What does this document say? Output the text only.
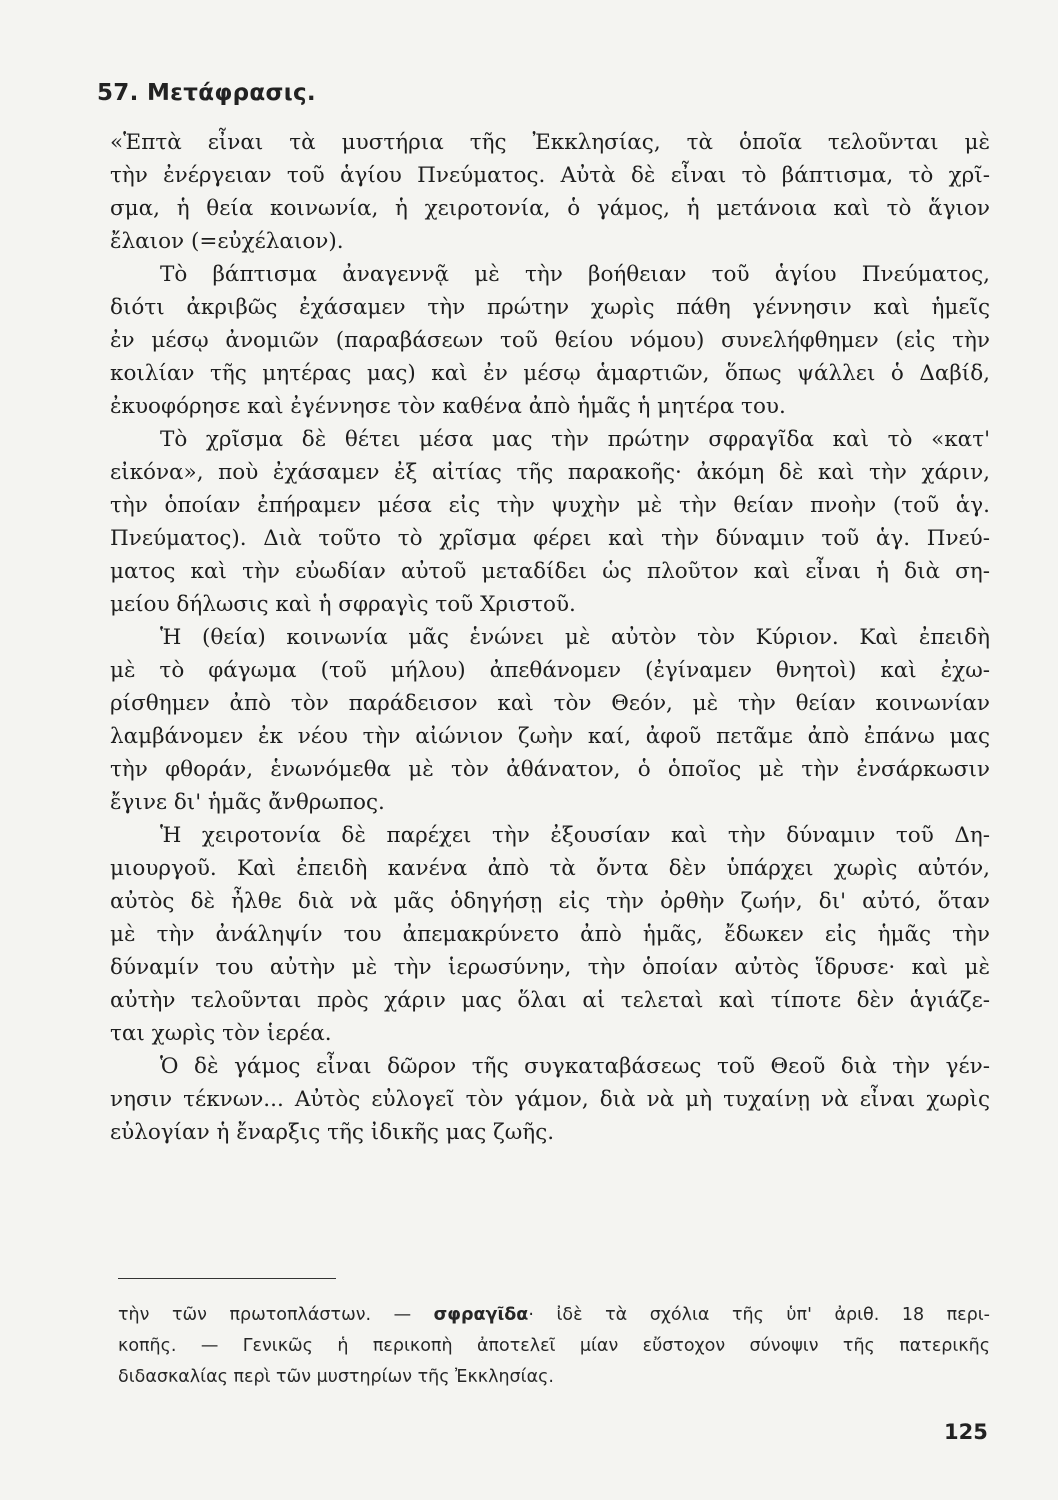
57. Μετάφρασις.
«Ἑπτὰ εἶναι τὰ μυστήρια τῆς Ἐκκλησίας, τὰ ὁποῖα τελοῦνται μὲ
τὴν ἐνέργειαν τοῦ ἁγίου Πνεύματος. Αὐτὰ δὲ εἶναι τὸ βάπτισμα, τὸ χρῖ-
σμα, ἡ θεία κοινωνία, ἡ χειροτονία, ὁ γάμος, ἡ μετάνοια καὶ τὸ ἅγιον
ἔλαιον (=εὐχέλαιον).
Τὸ βάπτισμα ἀναγεννᾷ μὲ τὴν βοήθειαν τοῦ ἁγίου Πνεύματος,
διότι ἀκριβῶς ἐχάσαμεν τὴν πρώτην χωρὶς πάθη γέννησιν καὶ ἡμεῖς
ἐν μέσῳ ἀνομιῶν (παραβάσεων τοῦ θείου νόμου) συνελήφθημεν (εἰς τὴν
κοιλίαν τῆς μητέρας μας) καὶ ἐν μέσῳ ἁμαρτιῶν, ὅπως ψάλλει ὁ Δαβίδ,
ἐκυοφόρησε καὶ ἐγέννησε τὸν καθένα ἀπὸ ἡμᾶς ἡ μητέρα του.
Τὸ χρῖσμα δὲ θέτει μέσα μας τὴν πρώτην σφραγῖδα καὶ τὸ «κατ'
εἰκόνα», ποὺ ἐχάσαμεν ἐξ αἰτίας τῆς παρακοῆς· ἀκόμη δὲ καὶ τὴν χάριν,
τὴν ὁποίαν ἐπήραμεν μέσα εἰς τὴν ψυχὴν μὲ τὴν θείαν πνοὴν (τοῦ ἁγ.
Πνεύματος). Διὰ τοῦτο τὸ χρῖσμα φέρει καὶ τὴν δύναμιν τοῦ ἁγ. Πνεύ-
ματος καὶ τὴν εὐωδίαν αὐτοῦ μεταδίδει ὡς πλοῦτον καὶ εἶναι ἡ διὰ ση-
μείου δήλωσις καὶ ἡ σφραγὶς τοῦ Χριστοῦ.
Ἡ (θεία) κοινωνία μᾶς ἑνώνει μὲ αὐτὸν τὸν Κύριον. Καὶ ἐπειδὴ
μὲ τὸ φάγωμα (τοῦ μήλου) ἀπεθάνομεν (ἐγίναμεν θνητοὶ) καὶ ἐχω-
ρίσθημεν ἀπὸ τὸν παράδεισον καὶ τὸν Θεόν, μὲ τὴν θείαν κοινωνίαν
λαμβάνομεν ἐκ νέου τὴν αἰώνιον ζωὴν καί, ἀφοῦ πετᾶμε ἀπὸ ἐπάνω μας
τὴν φθοράν, ἑνωνόμεθα μὲ τὸν ἀθάνατον, ὁ ὁποῖος μὲ τὴν ἐνσάρκωσιν
ἔγινε δι' ἡμᾶς ἄνθρωπος.
Ἡ χειροτονία δὲ παρέχει τὴν ἐξουσίαν καὶ τὴν δύναμιν τοῦ Δη-
μιουργοῦ. Καὶ ἐπειδὴ κανένα ἀπὸ τὰ ὄντα δὲν ὑπάρχει χωρὶς αὐτόν,
αὐτὸς δὲ ἦλθε διὰ νὰ μᾶς ὁδηγήσῃ εἰς τὴν ὀρθὴν ζωήν, δι' αὐτό, ὅταν
μὲ τὴν ἀνάληψίν του ἀπεμακρύνετο ἀπὸ ἡμᾶς, ἔδωκεν εἰς ἡμᾶς τὴν
δύναμίν του αὐτὴν μὲ τὴν ἱερωσύνην, τὴν ὁποίαν αὐτὸς ἵδρυσε· καὶ μὲ
αὐτὴν τελοῦνται πρὸς χάριν μας ὅλαι αἱ τελεταὶ καὶ τίποτε δὲν ἁγιάζε-
ται χωρὶς τὸν ἱερέα.
Ὁ δὲ γάμος εἶναι δῶρον τῆς συγκαταβάσεως τοῦ Θεοῦ διὰ τὴν γέν-
νησιν τέκνων... Αὐτὸς εὐλογεῖ τὸν γάμον, διὰ νὰ μὴ τυχαίνῃ νὰ εἶναι χωρὶς
εὐλογίαν ἡ ἔναρξις τῆς ἰδικῆς μας ζωῆς.
τὴν τῶν πρωτοπλάστων. — σφραγῖδα· ἰδὲ τὰ σχόλια τῆς ὑπ' ἀριθ. 18 περι-
κοπῆς. — Γενικῶς ἡ περικοπὴ ἀποτελεῖ μίαν εὔστοχον σύνοψιν τῆς πατερικῆς
διδασκαλίας περὶ τῶν μυστηρίων τῆς Ἐκκλησίας.
125
